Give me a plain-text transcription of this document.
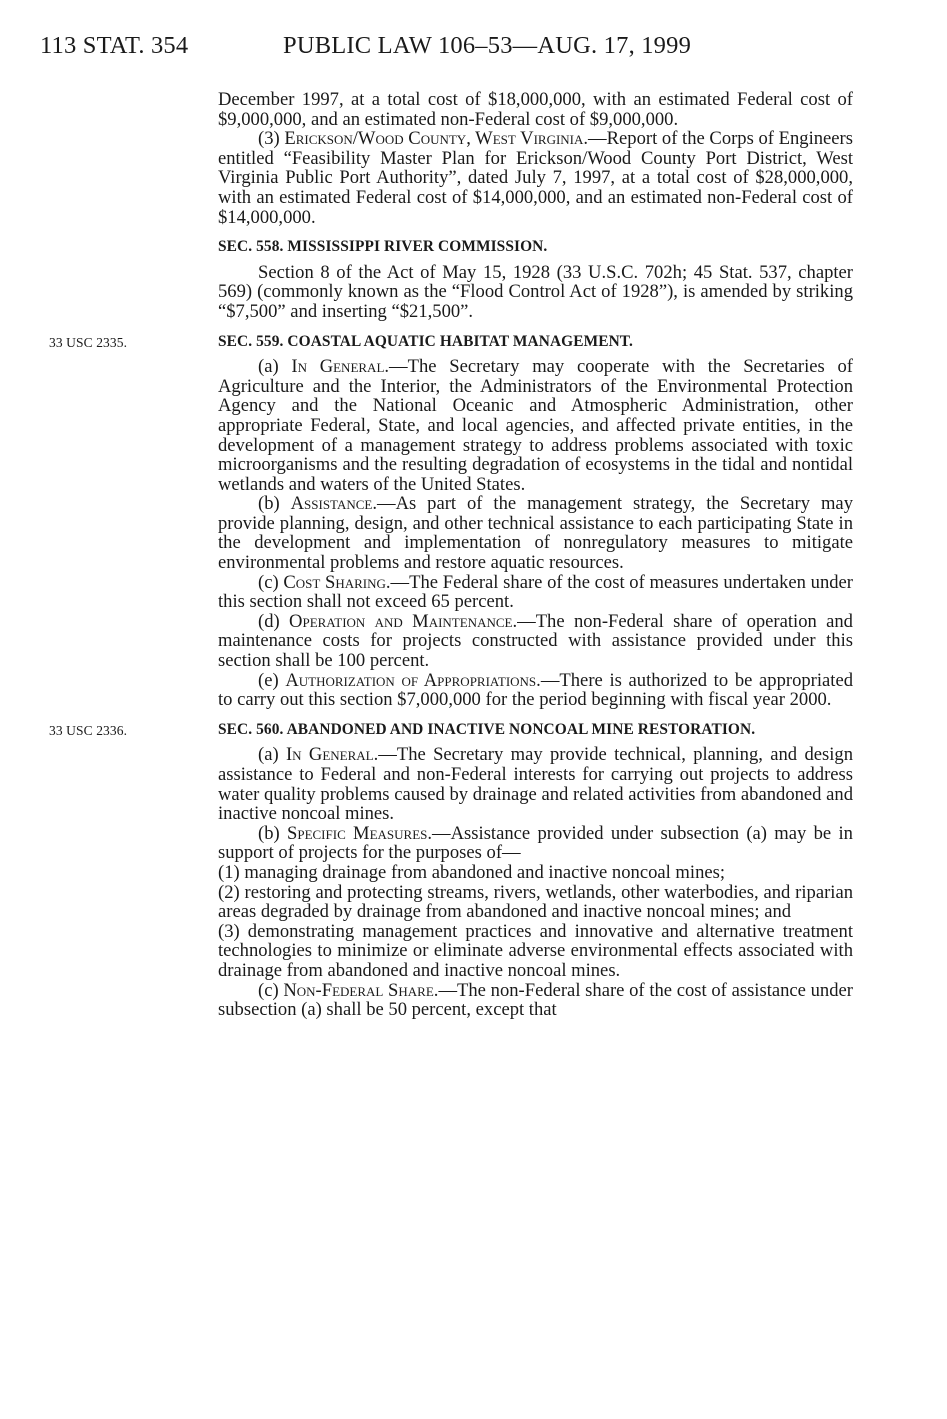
113 STAT. 354	PUBLIC LAW 106–53—AUG. 17, 1999

December 1997, at a total cost of $18,000,000, with an estimated Federal cost of $9,000,000, and an estimated non-Federal cost of $9,000,000.

(3) Erickson/Wood County, West Virginia.—Report of the Corps of Engineers entitled “Feasibility Master Plan for Erickson/Wood County Port District, West Virginia Public Port Authority”, dated July 7, 1997, at a total cost of $28,000,000, with an estimated Federal cost of $14,000,000, and an estimated non-Federal cost of $14,000,000.

SEC. 558. MISSISSIPPI RIVER COMMISSION.

Section 8 of the Act of May 15, 1928 (33 U.S.C. 702h; 45 Stat. 537, chapter 569) (commonly known as the “Flood Control Act of 1928”), is amended by striking “$7,500” and inserting “$21,500”.

33 USC 2335.	SEC. 559. COASTAL AQUATIC HABITAT MANAGEMENT.

(a) In General.—The Secretary may cooperate with the Secretaries of Agriculture and the Interior, the Administrators of the Environmental Protection Agency and the National Oceanic and Atmospheric Administration, other appropriate Federal, State, and local agencies, and affected private entities, in the development of a management strategy to address problems associated with toxic microorganisms and the resulting degradation of ecosystems in the tidal and nontidal wetlands and waters of the United States.

(b) Assistance.—As part of the management strategy, the Secretary may provide planning, design, and other technical assistance to each participating State in the development and implementation of nonregulatory measures to mitigate environmental problems and restore aquatic resources.

(c) Cost Sharing.—The Federal share of the cost of measures undertaken under this section shall not exceed 65 percent.

(d) Operation and Maintenance.—The non-Federal share of operation and maintenance costs for projects constructed with assistance provided under this section shall be 100 percent.

(e) Authorization of Appropriations.—There is authorized to be appropriated to carry out this section $7,000,000 for the period beginning with fiscal year 2000.

33 USC 2336.	SEC. 560. ABANDONED AND INACTIVE NONCOAL MINE RESTORATION.

(a) In General.—The Secretary may provide technical, planning, and design assistance to Federal and non-Federal interests for carrying out projects to address water quality problems caused by drainage and related activities from abandoned and inactive noncoal mines.

(b) Specific Measures.—Assistance provided under subsection (a) may be in support of projects for the purposes of—

(1) managing drainage from abandoned and inactive noncoal mines;

(2) restoring and protecting streams, rivers, wetlands, other waterbodies, and riparian areas degraded by drainage from abandoned and inactive noncoal mines; and

(3) demonstrating management practices and innovative and alternative treatment technologies to minimize or eliminate adverse environmental effects associated with drainage from abandoned and inactive noncoal mines.

(c) Non-Federal Share.—The non-Federal share of the cost of assistance under subsection (a) shall be 50 percent, except that
